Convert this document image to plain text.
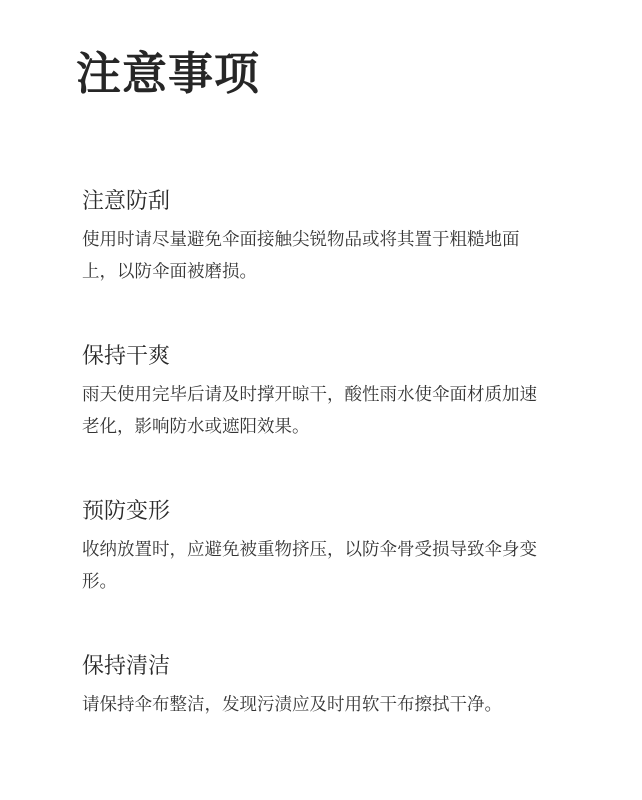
注意事项
注意防刮

使用时请尽量避免伞面接触尖锐物品或将其置于粗糙地面上，以防伞面被磨损。

保持干爽

雨天使用完毕后请及时撑开晾干，酸性雨水使伞面材质加速老化，影响防水或遮阳效果。

预防变形

收纳放置时，应避免被重物挤压，以防伞骨受损导致伞身变形。

保持清洁

请保持伞布整洁，发现污渍应及时用软干布擦拭干净。
